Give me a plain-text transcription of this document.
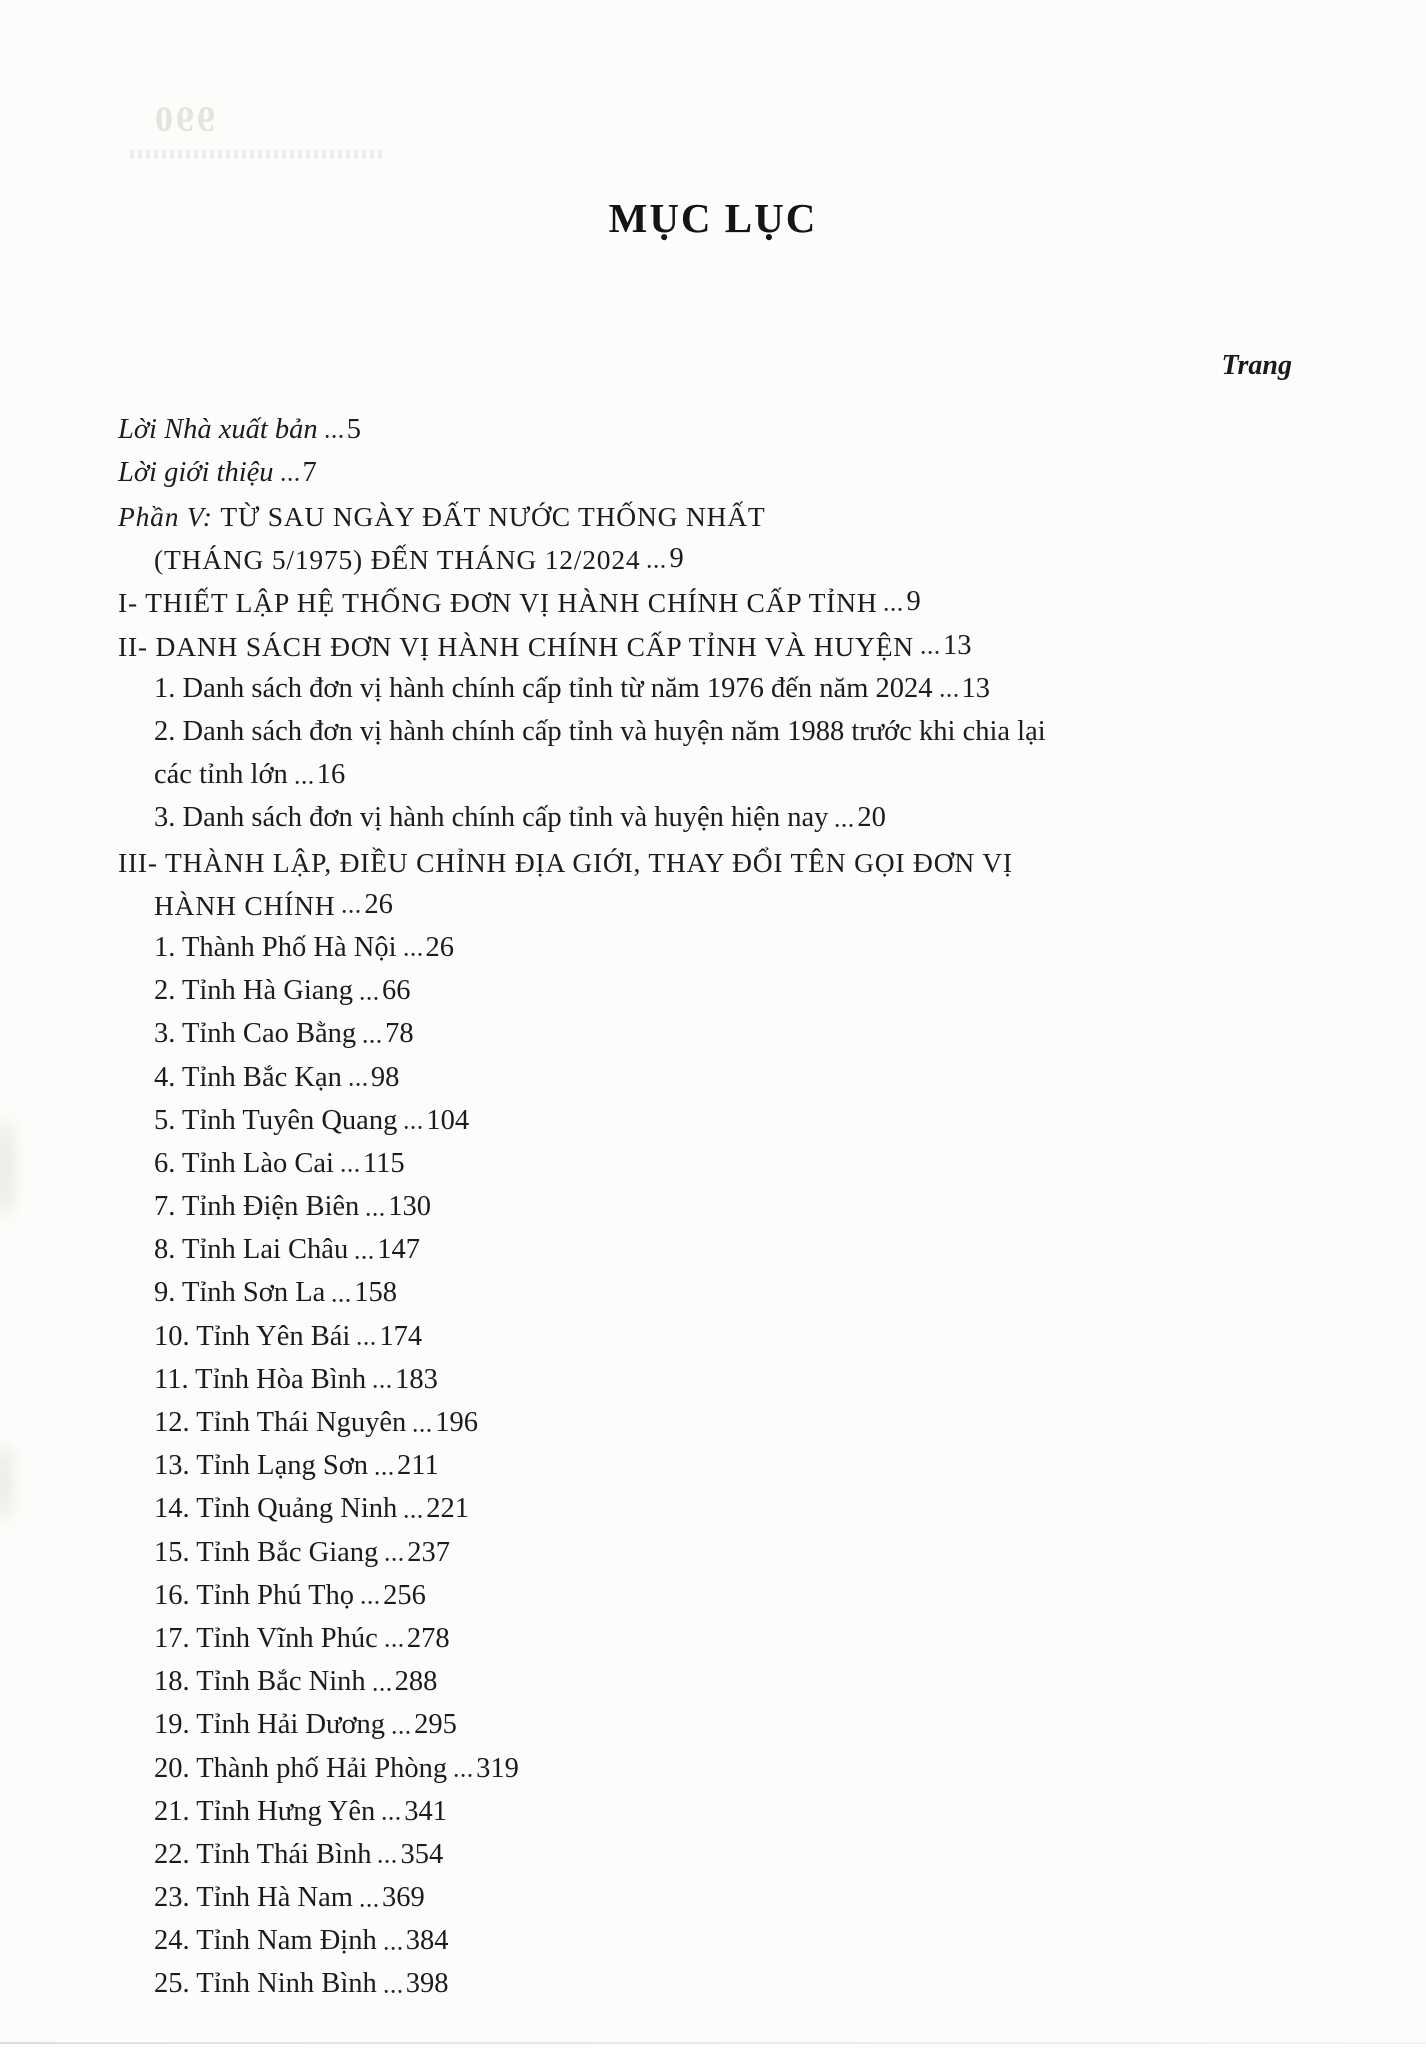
990
MỤC LỤC
Trang
Lời Nhà xuất bản 5
Lời giới thiệu 7
Phần V: TỪ SAU NGÀY ĐẤT NƯỚC THỐNG NHẤT
(THÁNG 5/1975) ĐẾN THÁNG 12/2024 9
I- THIẾT LẬP HỆ THỐNG ĐƠN VỊ HÀNH CHÍNH CẤP TỈNH 9
II- DANH SÁCH ĐƠN VỊ HÀNH CHÍNH CẤP TỈNH VÀ HUYỆN 13
1. Danh sách đơn vị hành chính cấp tỉnh từ năm 1976 đến năm 2024 13
2. Danh sách đơn vị hành chính cấp tỉnh và huyện năm 1988 trước khi chia lại
các tỉnh lớn 16
3. Danh sách đơn vị hành chính cấp tỉnh và huyện hiện nay 20
III- THÀNH LẬP, ĐIỀU CHỈNH ĐỊA GIỚI, THAY ĐỔI TÊN GỌI ĐƠN VỊ
HÀNH CHÍNH 26
1. Thành Phố Hà Nội 26
2. Tỉnh Hà Giang 66
3. Tỉnh Cao Bằng 78
4. Tỉnh Bắc Kạn 98
5. Tỉnh Tuyên Quang 104
6. Tỉnh Lào Cai 115
7. Tỉnh Điện Biên 130
8. Tỉnh Lai Châu 147
9. Tỉnh Sơn La 158
10. Tỉnh Yên Bái 174
11. Tỉnh Hòa Bình 183
12. Tỉnh Thái Nguyên 196
13. Tỉnh Lạng Sơn 211
14. Tỉnh Quảng Ninh 221
15. Tỉnh Bắc Giang 237
16. Tỉnh Phú Thọ 256
17. Tỉnh Vĩnh Phúc 278
18. Tỉnh Bắc Ninh 288
19. Tỉnh Hải Dương 295
20. Thành phố Hải Phòng 319
21. Tỉnh Hưng Yên 341
22. Tỉnh Thái Bình 354
23. Tỉnh Hà Nam 369
24. Tỉnh Nam Định 384
25. Tỉnh Ninh Bình 398
